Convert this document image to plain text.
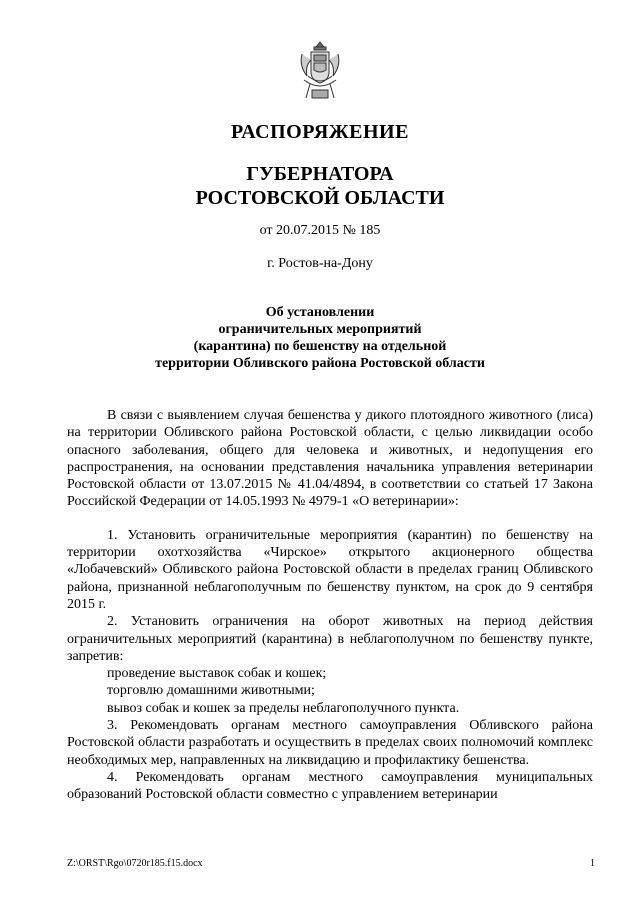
РАСПОРЯЖЕНИЕ
ГУБЕРНАТОРА
РОСТОВСКОЙ ОБЛАСТИ
от 20.07.2015 № 185
г. Ростов-на-Дону
Об установлении
ограничительных мероприятий
(карантина) по бешенству на отдельной
территории Обливского района Ростовской области

В связи с выявлением случая бешенства у дикого плотоядного животного (лиса) на территории Обливского района Ростовской области, с целью ликвидации особо опасного заболевания, общего для человека и животных, и недопущения его распространения, на основании представления начальника управления ветеринарии Ростовской области от 13.07.2015 № 41.04/4894, в соответствии со статьей 17 Закона Российской Федерации от 14.05.1993 № 4979-1 «О ветеринарии»:

1. Установить ограничительные мероприятия (карантин) по бешенству на территории охотхозяйства «Чирское» открытого акционерного общества «Лобачевский» Обливского района Ростовской области в пределах границ Обливского района, признанной неблагополучным по бешенству пунктом, на срок до 9 сентября 2015 г.

2. Установить ограничения на оборот животных на период действия ограничительных мероприятий (карантина) в неблагополучном по бешенству пункте, запретив:

проведение выставок собак и кошек;

торговлю домашними животными;

вывоз собак и кошек за пределы неблагополучного пункта.

3. Рекомендовать органам местного самоуправления Обливского района Ростовской области разработать и осуществить в пределах своих полномочий комплекс необходимых мер, направленных на ликвидацию и профилактику бешенства.

4. Рекомендовать органам местного самоуправления муниципальных образований Ростовской области совместно с управлением ветеринарии

Z:\ORST\Rgo\0720r185.f15.docx	1
